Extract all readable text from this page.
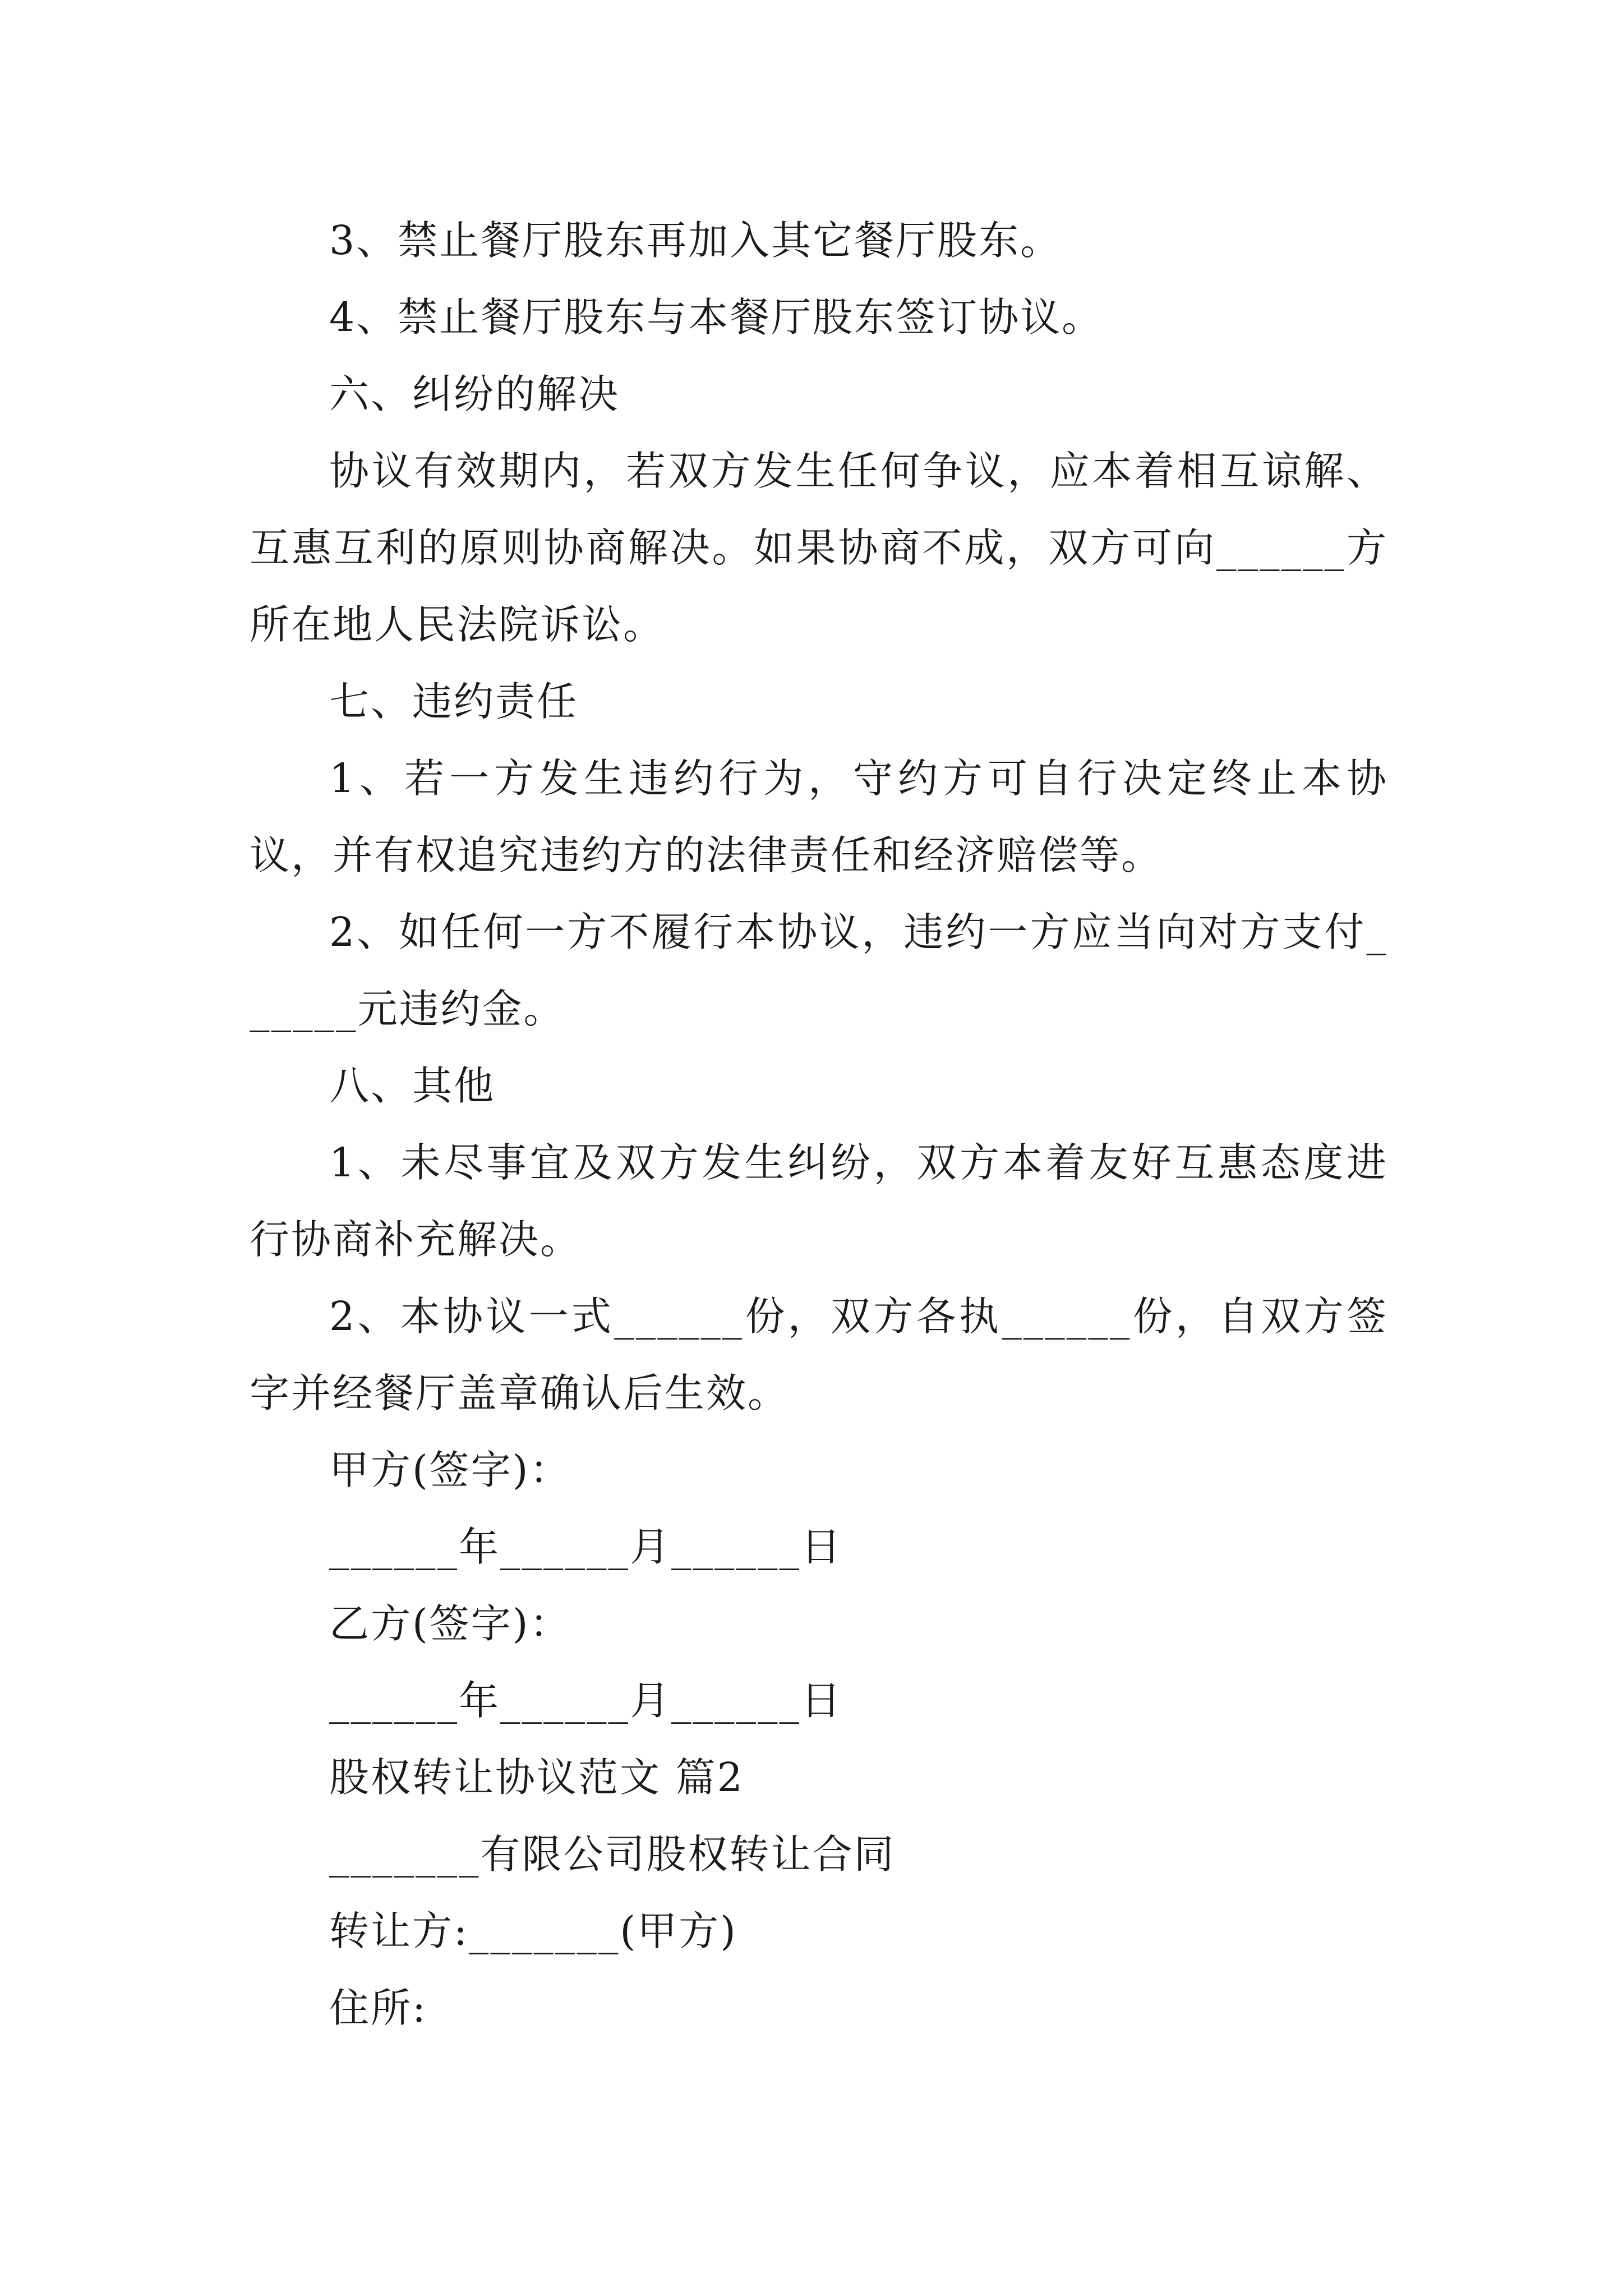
3、禁止餐厅股东再加入其它餐厅股东。

4、禁止餐厅股东与本餐厅股东签订协议。

六、纠纷的解决

协议有效期内，若双方发生任何争议，应本着相互谅解、互惠互利的原则协商解决。如果协商不成，双方可向______方所在地人民法院诉讼。

七、违约责任

1、若一方发生违约行为，守约方可自行决定终止本协议，并有权追究违约方的法律责任和经济赔偿等。

2、如任何一方不履行本协议，违约一方应当向对方支付______元违约金。

八、其他

1、未尽事宜及双方发生纠纷，双方本着友好互惠态度进行协商补充解决。

2、本协议一式______份，双方各执______份，自双方签字并经餐厅盖章确认后生效。

甲方(签字)：

______年______月______日

乙方(签字)：

______年______月______日

股权转让协议范文 篇2

_______有限公司股权转让合同

转让方:_______(甲方)

住所:
